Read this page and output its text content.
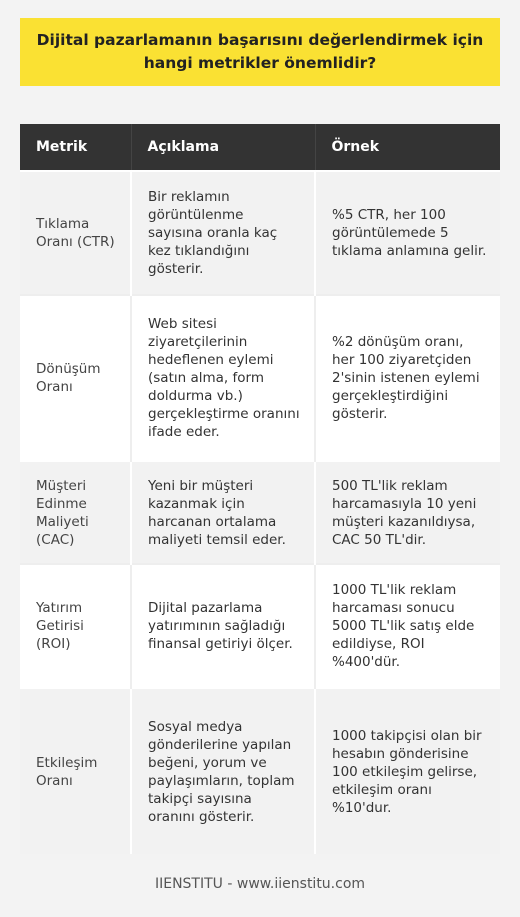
Dijital pazarlamanın başarısını değerlendirmek için hangi metrikler önemlidir?
Metrik	Açıklama	Örnek
Tıklama Oranı (CTR)	Bir reklamın görüntülenme sayısına oranla kaç kez tıklandığını gösterir.	%5 CTR, her 100 görüntülemede 5 tıklama anlamına gelir.
Dönüşüm Oranı	Web sitesi ziyaretçilerinin hedeflenen eylemi (satın alma, form doldurma vb.) gerçekleştirme oranını ifade eder.	%2 dönüşüm oranı, her 100 ziyaretçiden 2'sinin istenen eylemi gerçekleştirdiğini gösterir.
Müşteri Edinme Maliyeti (CAC)	Yeni bir müşteri kazanmak için harcanan ortalama maliyeti temsil eder.	500 TL'lik reklam harcamasıyla 10 yeni müşteri kazanıldıysa, CAC 50 TL'dir.
Yatırım Getirisi (ROI)	Dijital pazarlama yatırımının sağladığı finansal getiriyi ölçer.	1000 TL'lik reklam harcaması sonucu 5000 TL'lik satış elde edildiyse, ROI %400'dür.
Etkileşim Oranı	Sosyal medya gönderilerine yapılan beğeni, yorum ve paylaşımların, toplam takipçi sayısına oranını gösterir.	1000 takipçisi olan bir hesabın gönderisine 100 etkileşim gelirse, etkileşim oranı %10'dur.
IIENSTITU - www.iienstitu.com
